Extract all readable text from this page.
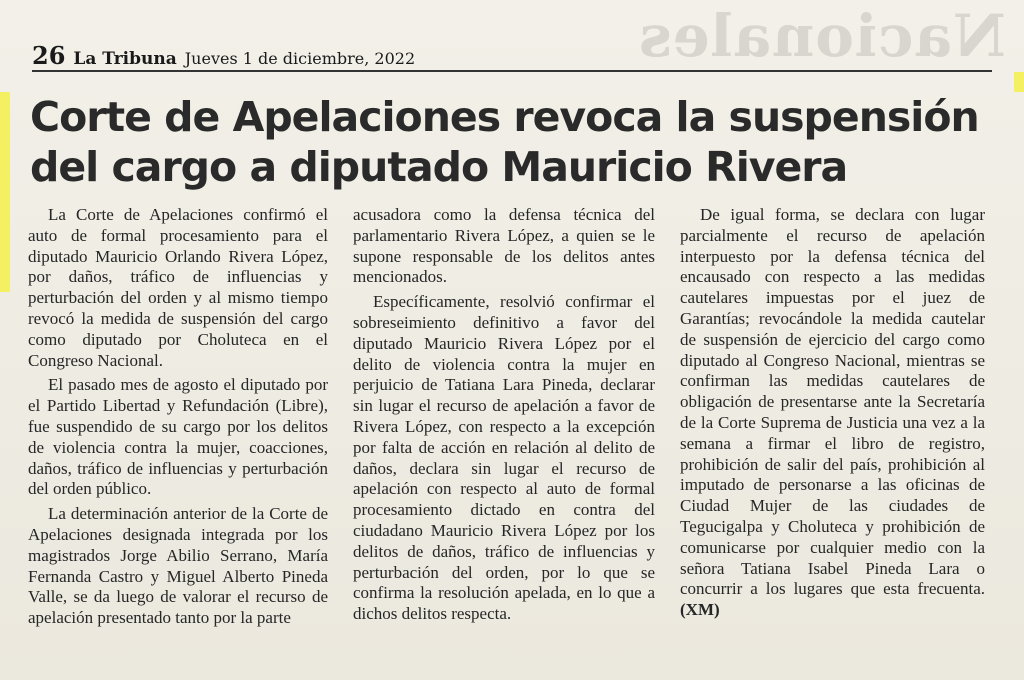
Nacionales
26 La Tribuna Jueves 1 de diciembre, 2022
Corte de Apelaciones revoca la suspensión
del cargo a diputado Mauricio Rivera

La Corte de Apelaciones confirmó el auto de formal procesamiento para el diputado Mauricio Orlando Rivera López, por daños, tráfico de influencias y perturbación del orden y al mismo tiempo revocó la medida de suspensión del cargo como diputado por Choluteca en el Congreso Nacional.

El pasado mes de agosto el diputado por el Partido Libertad y Refundación (Libre), fue suspendido de su cargo por los delitos de violencia contra la mujer, coacciones, daños, tráfico de influencias y perturbación del orden público.

La determinación anterior de la Corte de Apelaciones designada integrada por los magistrados Jorge Abilio Serrano, María Fernanda Castro y Miguel Alberto Pineda Valle, se da luego de valorar el recurso de apelación presentado tanto por la parte

acusadora como la defensa técnica del parlamentario Rivera López, a quien se le supone responsable de los delitos antes mencionados.

Específicamente, resolvió confirmar el sobreseimiento definitivo a favor del diputado Mauricio Rivera López por el delito de violencia contra la mujer en perjuicio de Tatiana Lara Pineda, declarar sin lugar el recurso de apelación a favor de Rivera López, con respecto a la excepción por falta de acción en relación al delito de daños, declara sin lugar el recurso de apelación con respecto al auto de formal procesamiento dictado en contra del ciudadano Mauricio Rivera López por los delitos de daños, tráfico de influencias y perturbación del orden, por lo que se confirma la resolución apelada, en lo que a dichos delitos respecta.

De igual forma, se declara con lugar parcialmente el recurso de apelación interpuesto por la defensa técnica del encausado con respecto a las medidas cautelares impuestas por el juez de Garantías; revocándole la medida cautelar de suspensión de ejercicio del cargo como diputado al Congreso Nacional, mientras se confirman las medidas cautelares de obligación de presentarse ante la Secretaría de la Corte Suprema de Justicia una vez a la semana a firmar el libro de registro, prohibición de salir del país, prohibición al imputado de personarse a las oficinas de Ciudad Mujer de las ciudades de Tegucigalpa y Choluteca y prohibición de comunicarse por cualquier medio con la señora Tatiana Isabel Pineda Lara o concurrir a los lugares que esta frecuenta. (XM)
